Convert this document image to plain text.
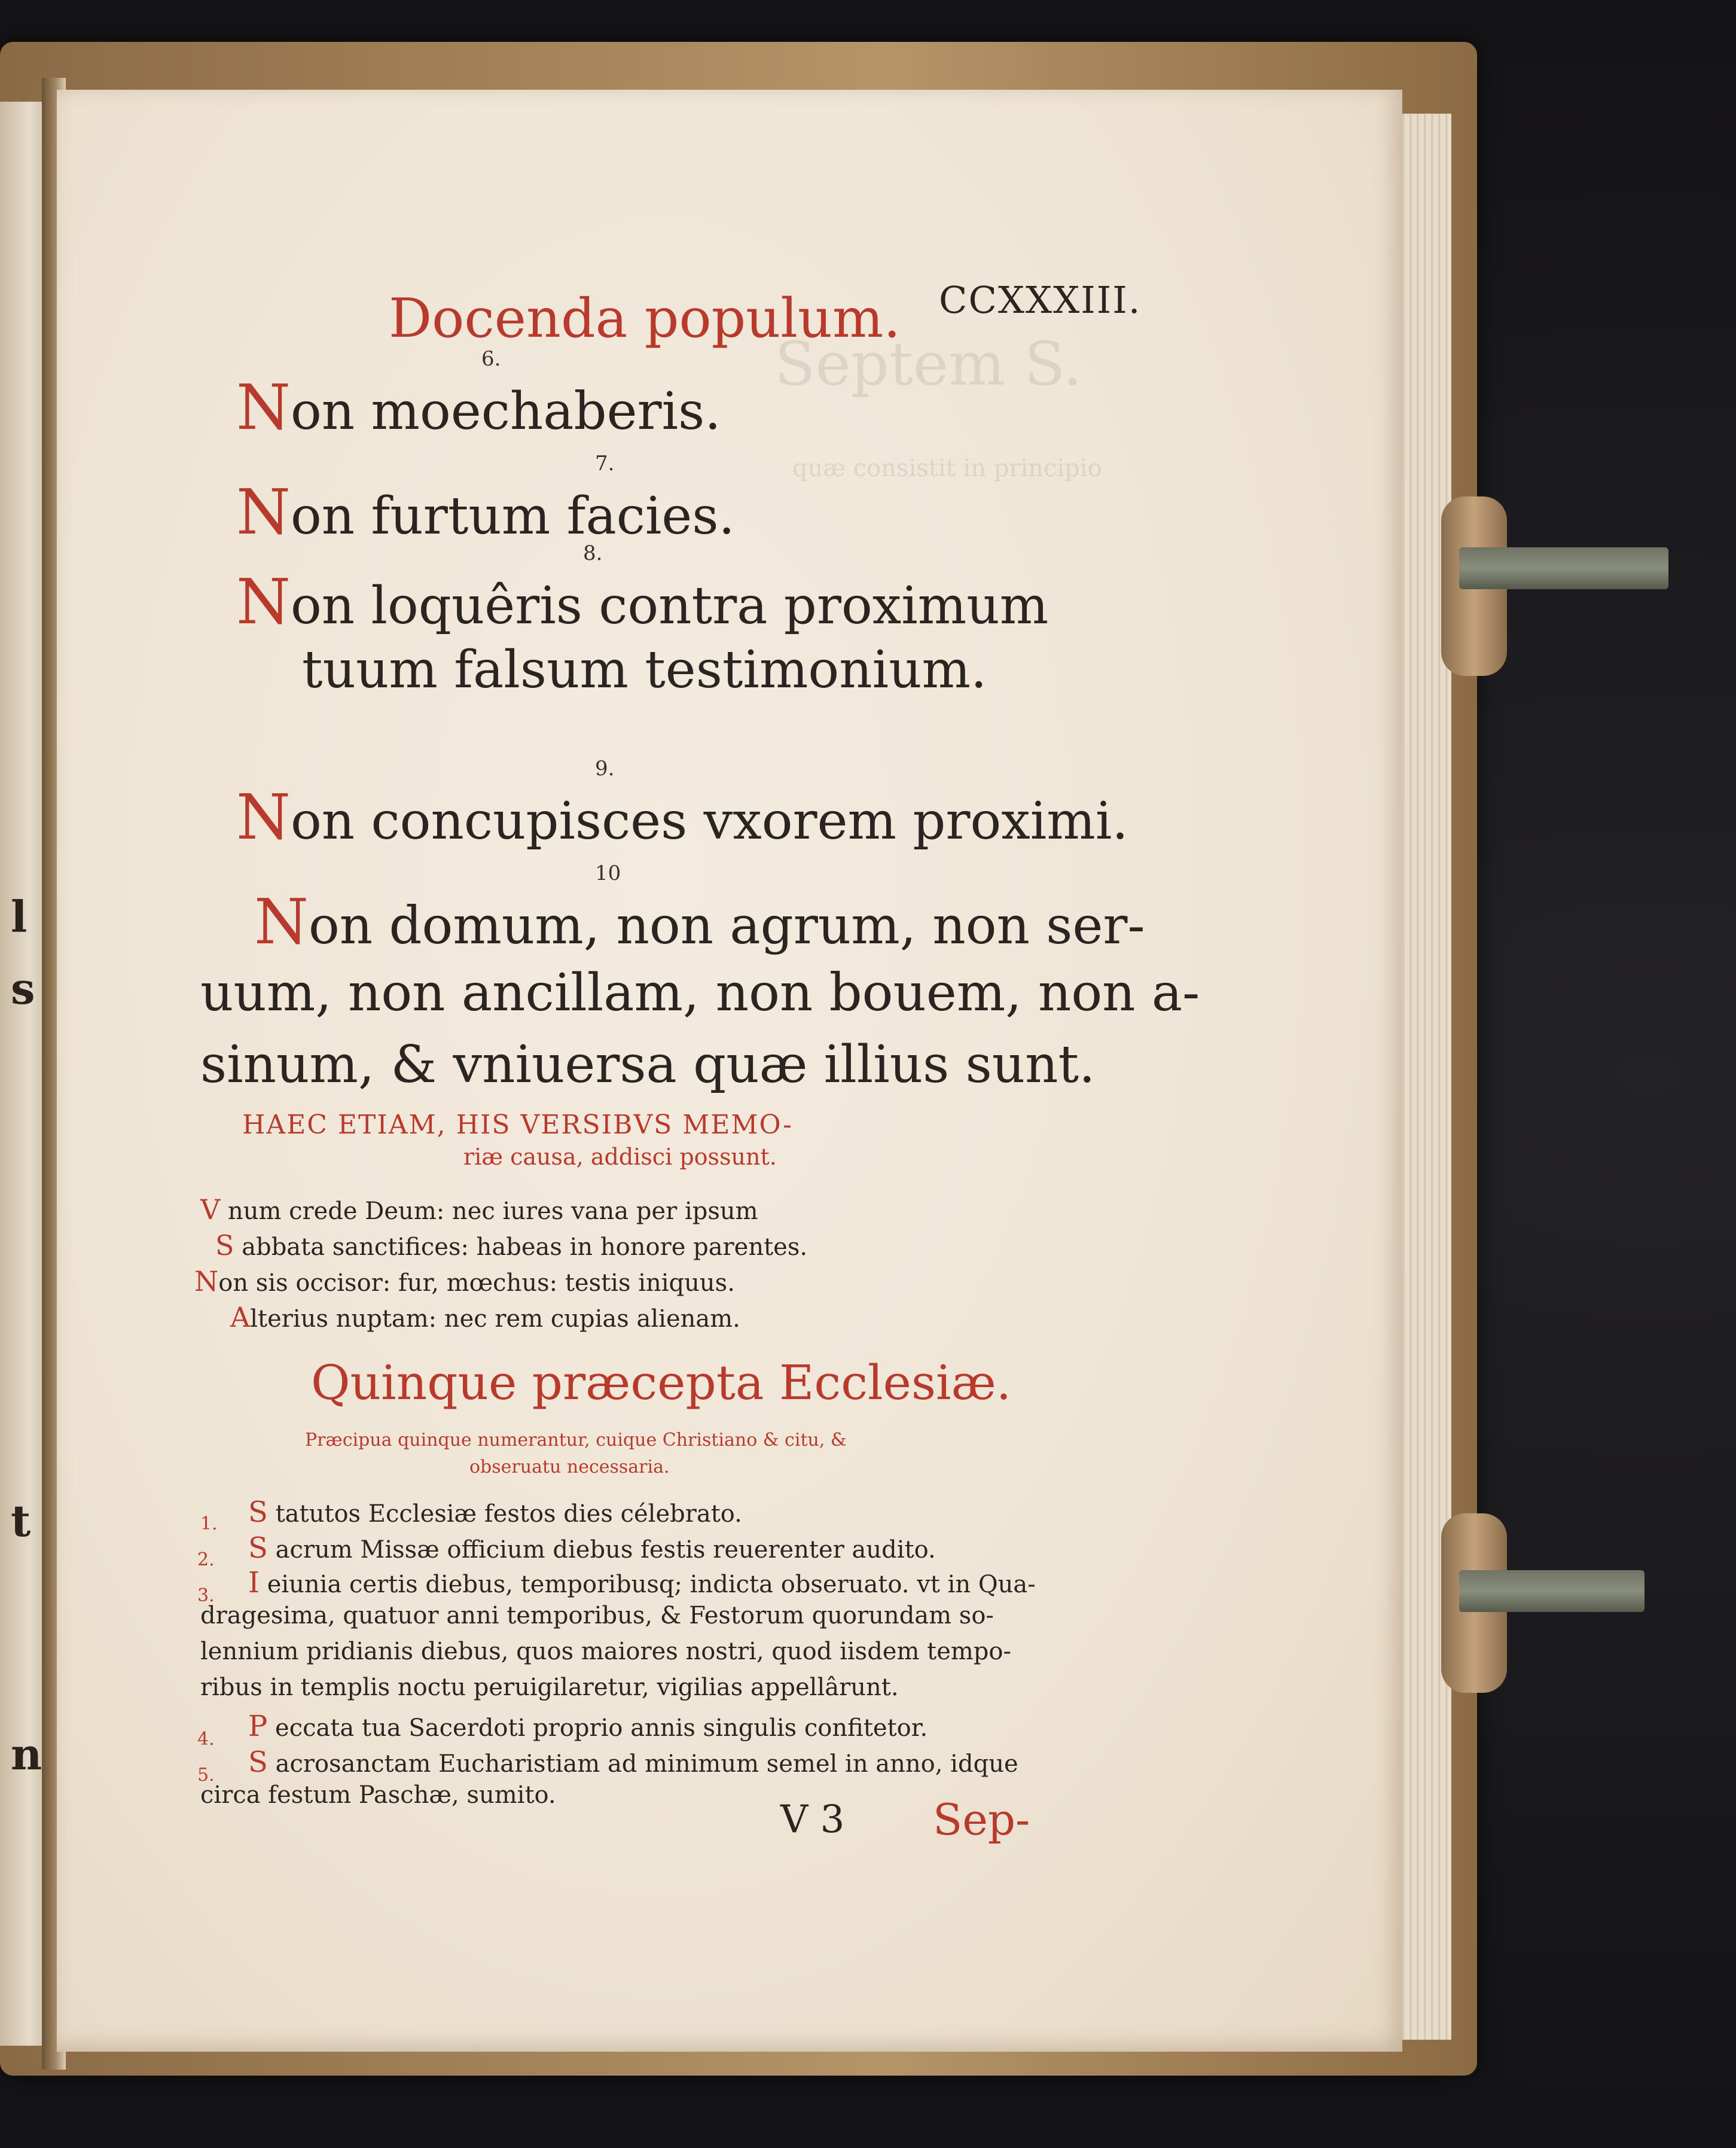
l
s
t
n
Septem S.
quæ consistit in principio
Docenda populum. CCXXXIII.
6.
Non moechaberis.
7.
Non furtum facies.
8.
Non loquêris contra proximum
tuum falsum testimonium.
9.
Non concupisces vxorem proximi.
10
Non domum, non agrum, non ser-
uum, non ancillam, non bouem, non a-
sinum, & vniuersa quæ illius sunt.
HAEC ETIAM, HIS VERSIBVS MEMO-
riæ causa, addisci possunt.
V num crede Deum: nec iures vana per ipsum
S abbata sanctifices: habeas in honore parentes.
Non sis occisor: fur, mœchus: testis iniquus.
Alterius nuptam: nec rem cupias alienam.
Quinque præcepta Ecclesiæ.
Præcipua quinque numerantur, cuique Christiano & citu, &
obseruatu necessaria.
1. S tatutos Ecclesiæ festos dies célebrato.
2. S acrum Missæ officium diebus festis reuerenter audito.
3. I eiunia certis diebus, temporibusq; indicta obseruato. vt in Qua-
dragesima, quatuor anni temporibus, & Festorum quorundam so-
lennium pridianis diebus, quos maiores nostri, quod iisdem tempo-
ribus in templis noctu peruigilaretur, vigilias appellârunt.
4. P eccata tua Sacerdoti proprio annis singulis confitetor.
5. S acrosanctam Eucharistiam ad minimum semel in anno, idque
circa festum Paschæ, sumito.
V 3 Sep-
